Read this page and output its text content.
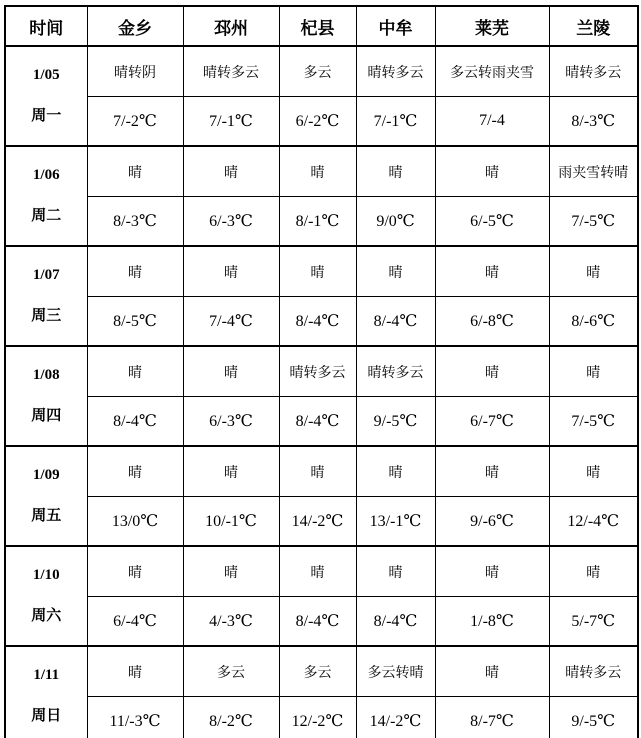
时间	金乡	邳州	杞县	中牟	莱芜	兰陵

1/05
周一	晴转阴	晴转多云	多云	晴转多云	多云转雨夹雪	晴转多云
	7/-2℃	7/-1℃	6/-2℃	7/-1℃	7/-4	8/-3℃

1/06
周二	晴	晴	晴	晴	晴	雨夹雪转晴
	8/-3℃	6/-3℃	8/-1℃	9/0℃	6/-5℃	7/-5℃

1/07
周三	晴	晴	晴	晴	晴	晴
	8/-5℃	7/-4℃	8/-4℃	8/-4℃	6/-8℃	8/-6℃

1/08
周四	晴	晴	晴转多云	晴转多云	晴	晴
	8/-4℃	6/-3℃	8/-4℃	9/-5℃	6/-7℃	7/-5℃

1/09
周五	晴	晴	晴	晴	晴	晴
	13/0℃	10/-1℃	14/-2℃	13/-1℃	9/-6℃	12/-4℃

1/10
周六	晴	晴	晴	晴	晴	晴
	6/-4℃	4/-3℃	8/-4℃	8/-4℃	1/-8℃	5/-7℃

1/11
周日	晴	多云	多云	多云转晴	晴	晴转多云
	11/-3℃	8/-2℃	12/-2℃	14/-2℃	8/-7℃	9/-5℃
